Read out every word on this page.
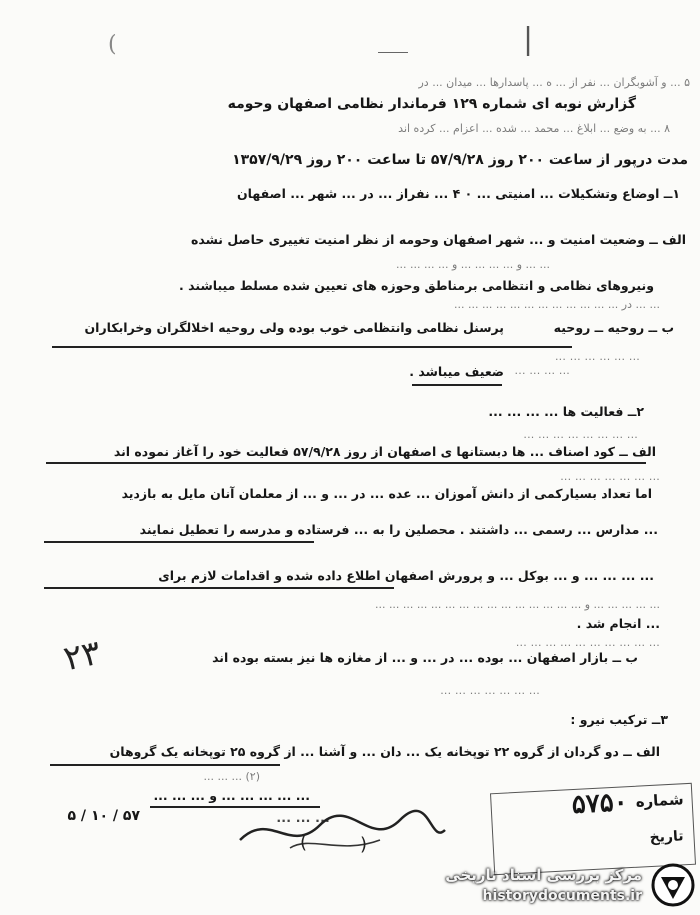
(	|
۵ ... و آشوبگران ... نفر از ... ه ... پاسدارها ... میدان ... در
گزارش نوبه ای شماره ۱۲۹ فرماندار نظامی اصفهان وحومه
۸ ... به وضع ... ابلاغ ... محمد ... شده ... اعزام ... کرده اند
مدت درپور از ساعت ۲۰۰ روز ۵۷/۹/۲۸ تا ساعت ۲۰۰ روز ۱۳۵۷/۹/۲۹
۱ــ اوضاع وتشکیلات ... امنیتی ... ۰ ۴ ... نفراز ... در ... شهر ... اصفهان
الف ــ وضعیت امنیت و ... شهر اصفهان وحومه از نظر امنیت تغییری حاصل نشده
... ... و ... ... ... ... و ... ... ... ...
ونیروهای نظامی و انتظامی برمناطق وحوزه های تعیین شده مسلط میباشند .
... ... در ... ... ... ... ... ... ... ... ... ... ... ...
ب ــ روحیه ــ روحیه
پرسنل نظامی وانتظامی خوب بوده ولی روحیه اخلالگران وخرابکاران
... ... ... ... ... ...
ضعیف میباشد . ... ... ... ...
۲ــ فعالیت ها ... ... ... ...
... ... ... ... ... ... ... ...
الف ــ کود اصناف ... ها دبستانها ی اصفهان از روز ۵۷/۹/۲۸ فعالیت خود را آغاز نموده اند
... ... ... ... ... ... ...
اما تعداد بسیارکمی از دانش آموزان ... عده ... در ... و ... از معلمان آنان مایل به بازدید
... مدارس ... رسمی ... داشتند . محصلین را به ... فرستاده و مدرسه را تعطیل نمایند
... ... ... ... و ... بوکل ... و پرورش اصفهان اطلاع داده شده و اقدامات لازم برای
... ... ... ... ... و ... ... ... ... ... ... ... ... ... ... ... ... ... ... ...
... انجام شد .
... ... ... ... ... ... ... ... ... ...
ب ــ بازار اصفهان ... بوده ... در ... و ... از مغازه ها نیز بسته بوده اند
... ... ... ... ... ... ...
۳ــ ترکیب نیرو :
الف ــ دو گردان از گروه ۲۲ توپخانه یک ... دان ... و آشنا ... از گروه ۲۵ توپخانه یک گروهان
(۲) ... ... ...
... ... ... ... ... و ... ... ...
۵۷ / ۱۰ / ۵	... ... ...
(	)
۲٣
شماره
۵٧۵٠
تاریخ
مرکز بررسی اسناد تاریخی
historydocuments.ir
